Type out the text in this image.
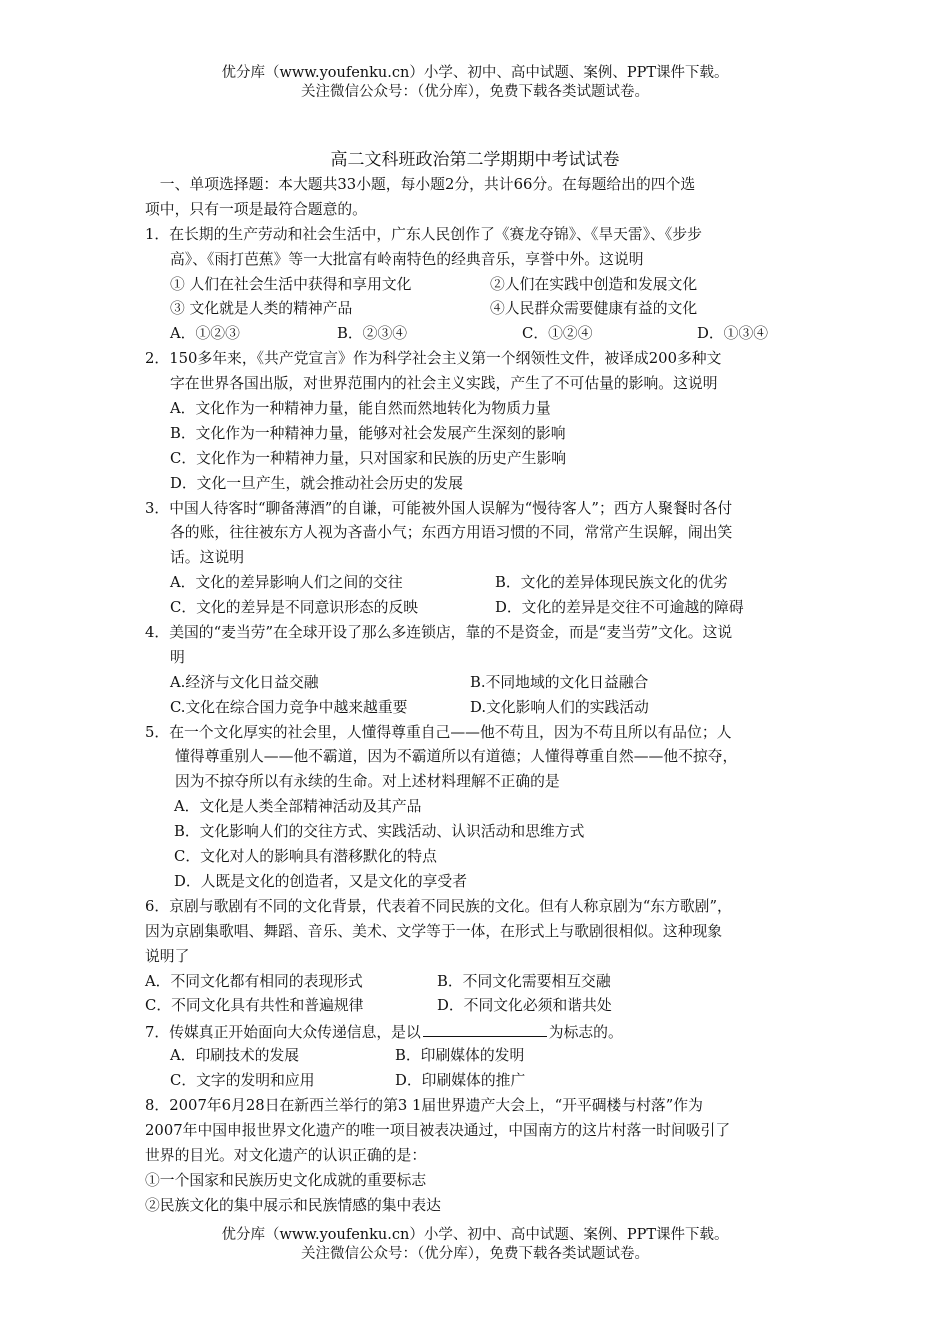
优分库（www.youfenku.cn）小学、初中、高中试题、案例、PPT课件下载。
关注微信公众号：（优分库），免费下载各类试题试卷。
高二文科班政治第二学期期中考试试卷
　一、单项选择题：本大题共33小题，每小题2分，共计66分。在每题给出的四个选
项中，只有一项是最符合题意的。
1．在长期的生产劳动和社会生活中，广东人民创作了《赛龙夺锦》、《旱天雷》、《步步
高》、《雨打芭蕉》等一大批富有岭南特色的经典音乐，享誉中外。这说明
① 人们在社会生活中获得和享用文化	②人们在实践中创造和发展文化
③ 文化就是人类的精神产品	④人民群众需要健康有益的文化
A．①②③	B．②③④	C．①②④	D．①③④
2．150多年来，《共产党宣言》作为科学社会主义第一个纲领性文件，被译成200多种文
字在世界各国出版，对世界范围内的社会主义实践，产生了不可估量的影响。这说明
A．文化作为一种精神力量，能自然而然地转化为物质力量
B．文化作为一种精神力量，能够对社会发展产生深刻的影响
C．文化作为一种精神力量，只对国家和民族的历史产生影响
D．文化一旦产生，就会推动社会历史的发展
3．中国人待客时“聊备薄酒”的自谦，可能被外国人误解为“慢待客人”；西方人聚餐时各付
各的账，往往被东方人视为吝啬小气；东西方用语习惯的不同，常常产生误解，闹出笑
话。这说明
A．文化的差异影响人们之间的交往	B．文化的差异体现民族文化的优劣
C．文化的差异是不同意识形态的反映	D．文化的差异是交往不可逾越的障碍
4．美国的“麦当劳”在全球开设了那么多连锁店，靠的不是资金，而是“麦当劳”文化。这说
明
A.经济与文化日益交融	B.不同地域的文化日益融合
C.文化在综合国力竞争中越来越重要	D.文化影响人们的实践活动
5．在一个文化厚实的社会里，人懂得尊重自己——他不苟且，因为不苟且所以有品位；人
懂得尊重别人——他不霸道，因为不霸道所以有道德；人懂得尊重自然——他不掠夺，
因为不掠夺所以有永续的生命。对上述材料理解不正确的是
A．文化是人类全部精神活动及其产品
B．文化影响人们的交往方式、实践活动、认识活动和思维方式
C．文化对人的影响具有潜移默化的特点
D．人既是文化的创造者，又是文化的享受者
6．京剧与歌剧有不同的文化背景，代表着不同民族的文化。但有人称京剧为“东方歌剧”，
因为京剧集歌唱、舞蹈、音乐、美术、文学等于一体，在形式上与歌剧很相似。这种现象
说明了
A．不同文化都有相同的表现形式	B．不同文化需要相互交融
C．不同文化具有共性和普遍规律	D．不同文化必须和谐共处
7．传媒真正开始面向大众传递信息，是以	为标志的。
A．印刷技术的发展	B．印刷媒体的发明
C．文字的发明和应用	D．印刷媒体的推广
8．2007年6月28日在新西兰举行的第3 1届世界遗产大会上，“开平碉楼与村落”作为
2007年中国申报世界文化遗产的唯一项目被表决通过，中国南方的这片村落一时间吸引了
世界的目光。对文化遗产的认识正确的是：
①一个国家和民族历史文化成就的重要标志
②民族文化的集中展示和民族情感的集中表达
优分库（www.youfenku.cn）小学、初中、高中试题、案例、PPT课件下载。
关注微信公众号：（优分库），免费下载各类试题试卷。
